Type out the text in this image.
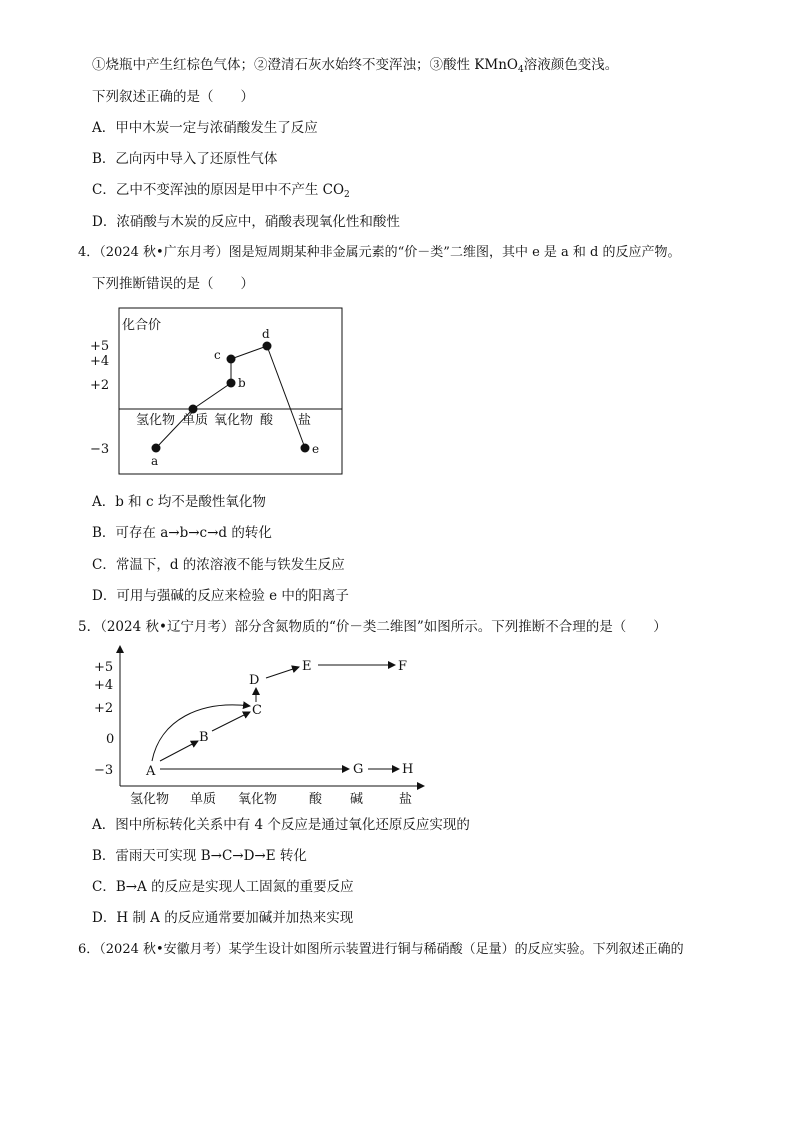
①烧瓶中产生红棕色气体；②澄清石灰水始终不变浑浊；③酸性 KMnO$_4$溶液颜色变浅。
下列叙述正确的是（　　）
A．甲中木炭一定与浓硝酸发生了反应
B．乙向丙中导入了还原性气体
C．乙中不变浑浊的原因是甲中不产生 $CO_2$
D．浓硝酸与木炭的反应中，硝酸表现氧化性和酸性
4．（2024 秋•广东月考）图是短周期某种非金属元素的“价－类”二维图，其中 e 是 a 和 d 的反应产物。
下列推断错误的是（　　）
化合价
+5
+4
+2
−3
氢化物 单质 氧化物 酸 盐
a
b
c
d
e
A．b 和 c 均不是酸性氧化物
B．可存在 a→b→c→d 的转化
C．常温下，d 的浓溶液不能与铁发生反应
D．可用与强碱的反应来检验 e 中的阳离子
5．（2024 秋•辽宁月考）部分含氮物质的“价－类二维图”如图所示。下列推断不合理的是（　　）
+5
+4
+2
0
−3
氢化物 单质 氧化物 酸 碱	盐
A
B
C
D
E	F
G	H
A．图中所标转化关系中有 4 个反应是通过氧化还原反应实现的
B．雷雨天可实现 B→C→D→E 转化
C．B→A 的反应是实现人工固氮的重要反应
D．H 制 A 的反应通常要加碱并加热来实现
6．（2024 秋•安徽月考）某学生设计如图所示装置进行铜与稀硝酸（足量）的反应实验。下列叙述正确的
